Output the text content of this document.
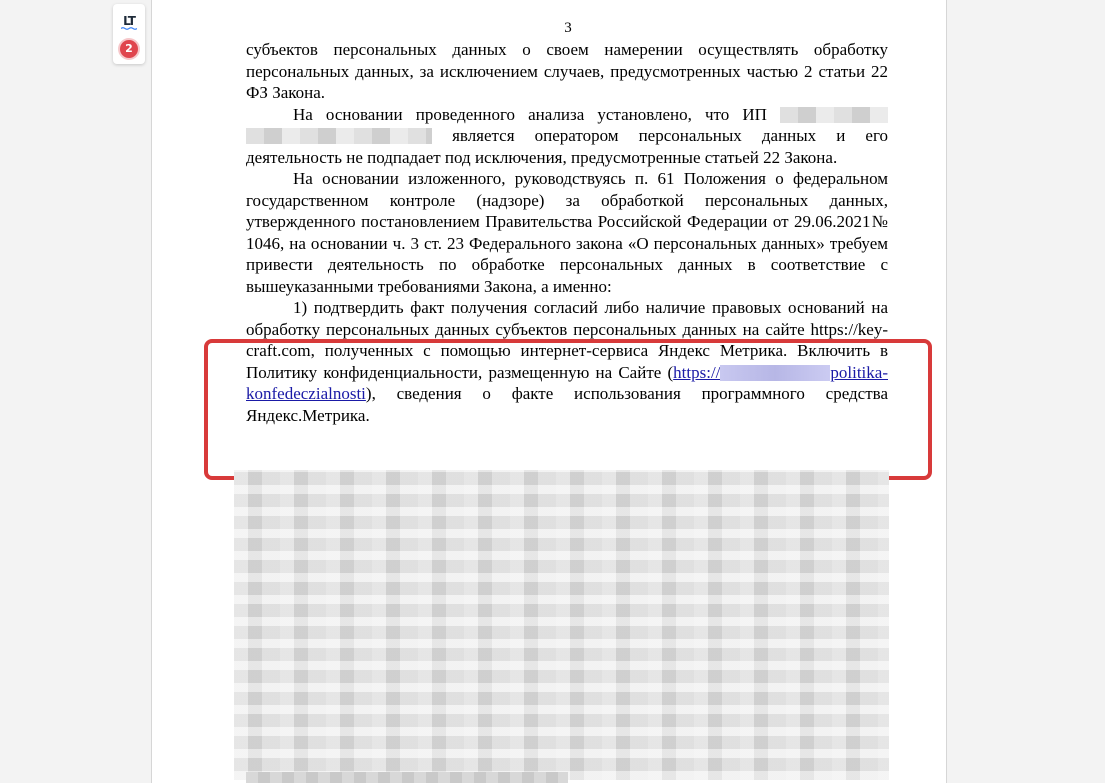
LT
2
3

субъектов персональных данных о своем намерении осуществлять обработку персональных данных, за исключением случаев, предусмотренных частью 2 статьи 22 ФЗ Закона.

На основании проведенного анализа установлено, что ИП   является оператором персональных данных и его деятельность не подпадает под исключения, предусмотренные статьей 22 Закона.

На основании изложенного, руководствуясь п. 61 Положения о федеральном государственном контроле (надзоре) за обработкой персональных данных, утвержденного постановлением Правительства Российской Федерации от 29.06.2021№ 1046, на основании ч. 3 ст. 23 Федерального закона «О персональных данных» требуем привести деятельность по обработке персональных данных в соответствие с вышеуказанными требованиями Закона, а именно:

1) подтвердить факт получения согласий либо наличие правовых оснований на обработку персональных данных субъектов персональных данных на сайте https://key-craft.com, полученных с помощью интернет-сервиса Яндекс Метрика. Включить в Политику конфиденциальности, размещенную на Сайте (https://	politika-konfedeczialnosti), сведения о факте использования программного средства Яндекс.Метрика.
